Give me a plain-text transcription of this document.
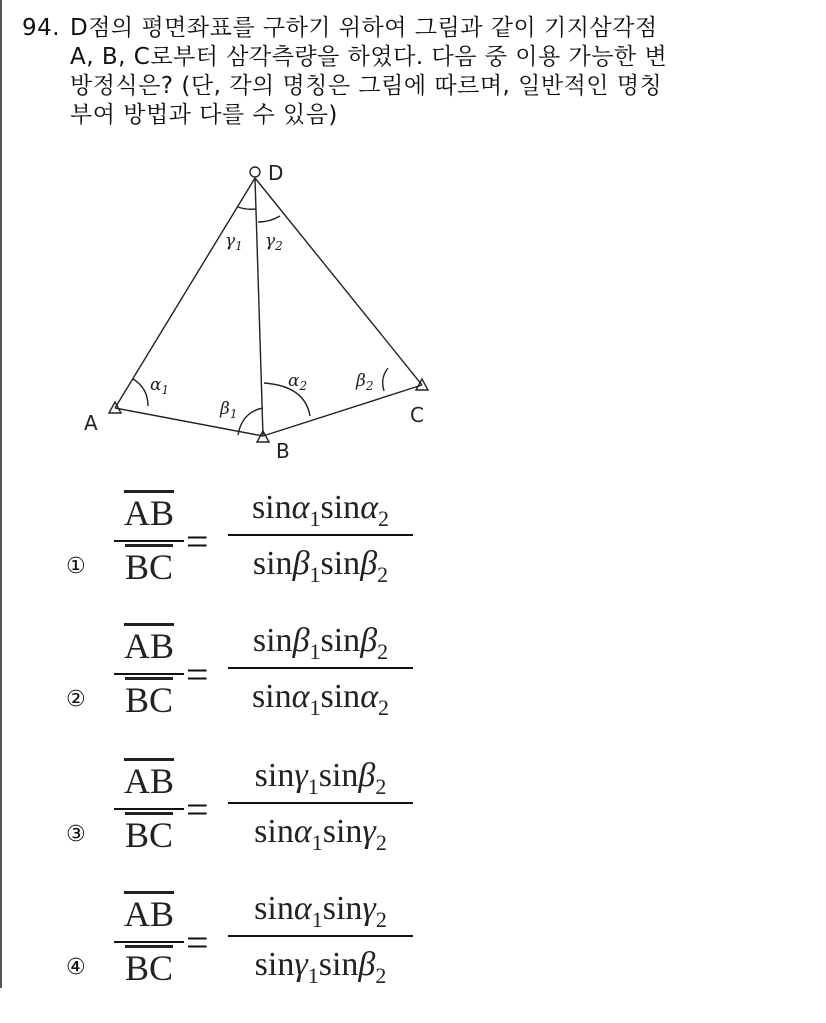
94. D점의 평면좌표를 구하기 위하여 그림과 같이 기지삼각점
A, B, C로부터 삼각측량을 하였다. 다음 중 이용 가능한 변
방정식은? (단, 각의 명칭은 그림에 따르며, 일반적인 명칭
부여 방법과 다를 수 있음)
D
A
B
C
$\gamma_1$ $\gamma_2$
$\alpha_1$	$\alpha_2$
$\beta_1$
$\beta_2$
① $\frac{\overline{AB}}{BC}$ =
sinα$_1$sinα$_2$
sinβ$_1$sinβ$_2$
② $\frac{\overline{AB}}{BC}$ =
sinβ$_1$sinβ$_2$
sinα$_1$sinα$_2$
③ $\frac{\overline{AB}}{BC}$ =
sinγ$_1$sinβ$_2$
sinα$_1$sinγ$_2$
④ $\frac{\overline{AB}}{BC}$ =
sinα$_1$sinγ$_2$
sinγ$_1$sinβ$_2$
